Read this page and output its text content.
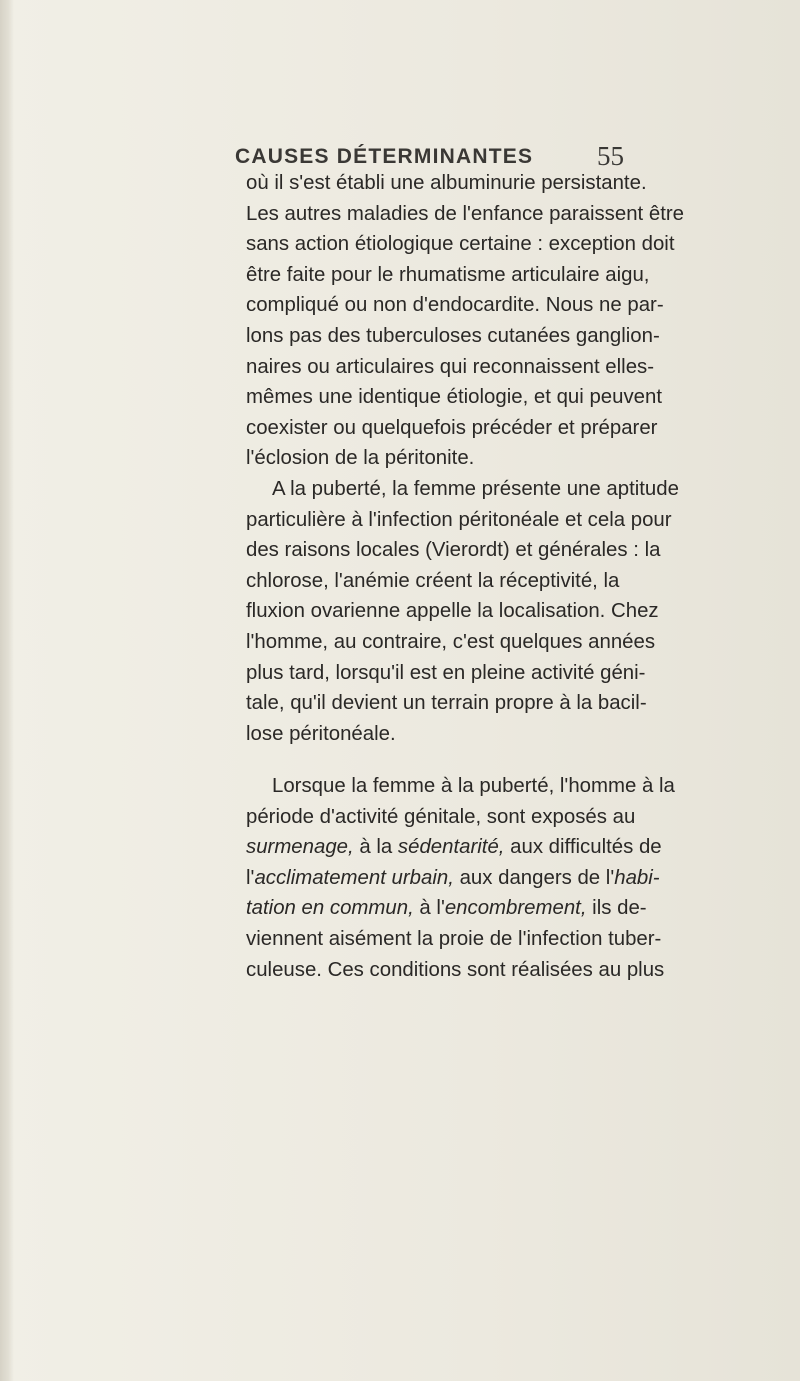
CAUSES DÉTERMINANTES 55
où il s'est établi une albuminurie persistante.
Les autres maladies de l'enfance paraissent être
sans action étiologique certaine : exception doit
être faite pour le rhumatisme articulaire aigu,
compliqué ou non d'endocardite. Nous ne par-
lons pas des tuberculoses cutanées ganglion-
naires ou articulaires qui reconnaissent elles-
mêmes une identique étiologie, et qui peuvent
coexister ou quelquefois précéder et préparer
l'éclosion de la péritonite.
A la puberté, la femme présente une aptitude
particulière à l'infection péritonéale et cela pour
des raisons locales (Vierordt) et générales : la
chlorose, l'anémie créent la réceptivité, la
fluxion ovarienne appelle la localisation. Chez
l'homme, au contraire, c'est quelques années
plus tard, lorsqu'il est en pleine activité géni-
tale, qu'il devient un terrain propre à la bacil-
lose péritonéale.
Lorsque la femme à la puberté, l'homme à la
période d'activité génitale, sont exposés au
surmenage, à la sédentarité, aux difficultés de
l'acclimatement urbain, aux dangers de l'habi-
tation en commun, à l'encombrement, ils de-
viennent aisément la proie de l'infection tuber-
culeuse. Ces conditions sont réalisées au plus
